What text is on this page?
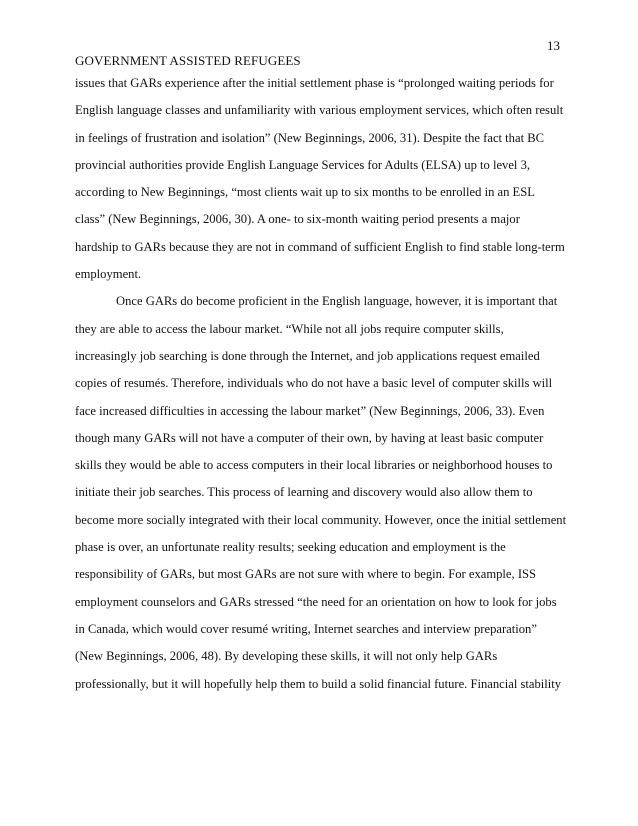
13
GOVERNMENT ASSISTED REFUGEES
issues that GARs experience after the initial settlement phase is “prolonged waiting periods for
English language classes and unfamiliarity with various employment services, which often result
in feelings of frustration and isolation” (New Beginnings, 2006, 31). Despite the fact that BC
provincial authorities provide English Language Services for Adults (ELSA) up to level 3,
according to New Beginnings, “most clients wait up to six months to be enrolled in an ESL
class” (New Beginnings, 2006, 30). A one- to six-month waiting period presents a major
hardship to GARs because they are not in command of sufficient English to find stable long-term
employment.
Once GARs do become proficient in the English language, however, it is important that
they are able to access the labour market. “While not all jobs require computer skills,
increasingly job searching is done through the Internet, and job applications request emailed
copies of resumés. Therefore, individuals who do not have a basic level of computer skills will
face increased difficulties in accessing the labour market” (New Beginnings, 2006, 33). Even
though many GARs will not have a computer of their own, by having at least basic computer
skills they would be able to access computers in their local libraries or neighborhood houses to
initiate their job searches. This process of learning and discovery would also allow them to
become more socially integrated with their local community. However, once the initial settlement
phase is over, an unfortunate reality results; seeking education and employment is the
responsibility of GARs, but most GARs are not sure with where to begin. For example, ISS
employment counselors and GARs stressed “the need for an orientation on how to look for jobs
in Canada, which would cover resumé writing, Internet searches and interview preparation”
(New Beginnings, 2006, 48). By developing these skills, it will not only help GARs
professionally, but it will hopefully help them to build a solid financial future. Financial stability
